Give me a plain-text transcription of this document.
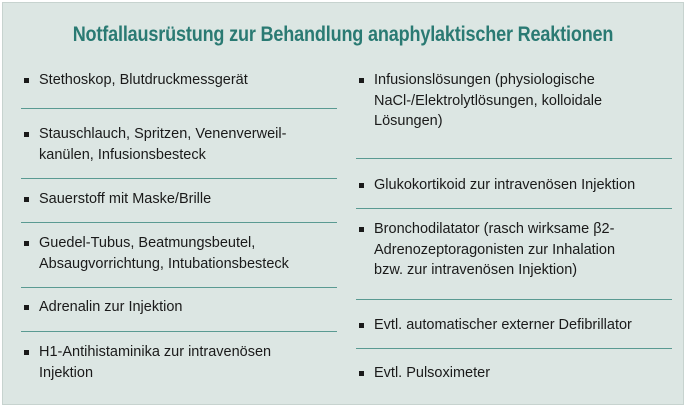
Notfallausrüstung zur Behandlung anaphylaktischer Reaktionen
Stethoskop, Blutdruckmessgerät
Stauschlauch, Spritzen, Venenverweil-
kanülen, Infusionsbesteck
Sauerstoff mit Maske/Brille
Guedel-Tubus, Beatmungsbeutel,
Absaugvorrichtung, Intubationsbesteck
Adrenalin zur Injektion
H1-Antihistaminika zur intravenösen
Injektion
Infusionslösungen (physiologische
NaCl-/Elektrolytlösungen, kolloidale
Lösungen)
Glukokortikoid zur intravenösen Injektion
Bronchodilatator (rasch wirksame β2-
Adrenozeptoragonisten zur Inhalation
bzw. zur intravenösen Injektion)
Evtl. automatischer externer Defibrillator
Evtl. Pulsoximeter
